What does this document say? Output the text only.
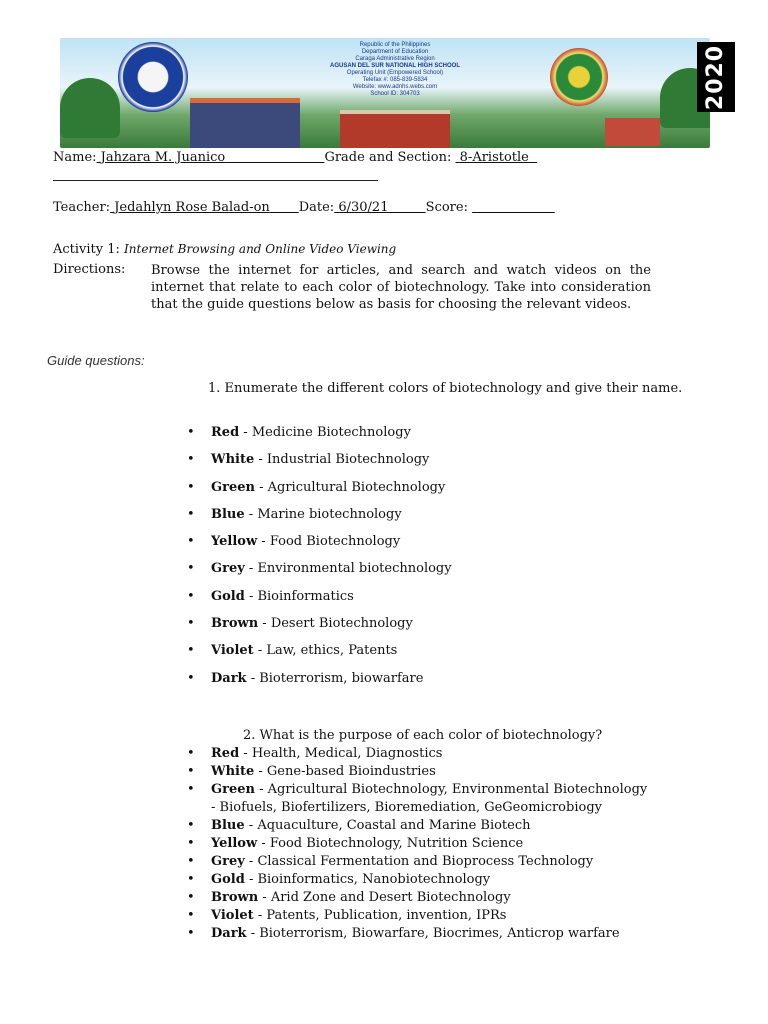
Republic of the Philippines
Department of Education
Caraga Administrative Region
AGUSAN DEL SUR NATIONAL HIGH SCHOOL
Operating Unit (Empowered School)
Telefax #: 085-839-5834
Website: www.adnhs.webs.com
School ID: 304703	2020
Name: Jahzara M. Juanico	Grade and Section: 8-Aristotle
Teacher: Jedahlyn Rose Balad-on Date: 6/30/21	Score:
Activity 1: Internet Browsing and Online Video Viewing
Directions: Browse the internet for articles, and search and watch videos on the internet that relate to each color of biotechnology. Take into consideration that the guide questions below as basis for choosing the relevant videos.

Guide questions:

1. Enumerate the different colors of biotechnology and give their name.

• Red - Medicine Biotechnology
• White - Industrial Biotechnology
• Green - Agricultural Biotechnology
• Blue - Marine biotechnology
• Yellow - Food Biotechnology
• Grey - Environmental biotechnology
• Gold - Bioinformatics
• Brown - Desert Biotechnology
• Violet - Law, ethics, Patents
• Dark - Bioterrorism, biowarfare

2. What is the purpose of each color of biotechnology?

• Red - Health, Medical, Diagnostics
• White - Gene-based Bioindustries
• Green - Agricultural Biotechnology, Environmental Biotechnology
- Biofuels, Biofertilizers, Bioremediation, GeGeomicrobiogy
• Blue - Aquaculture, Coastal and Marine Biotech
• Yellow - Food Biotechnology, Nutrition Science
• Grey - Classical Fermentation and Bioprocess Technology
• Gold - Bioinformatics, Nanobiotechnology
• Brown - Arid Zone and Desert Biotechnology
• Violet - Patents, Publication, invention, IPRs
• Dark - Bioterrorism, Biowarfare, Biocrimes, Anticrop warfare
